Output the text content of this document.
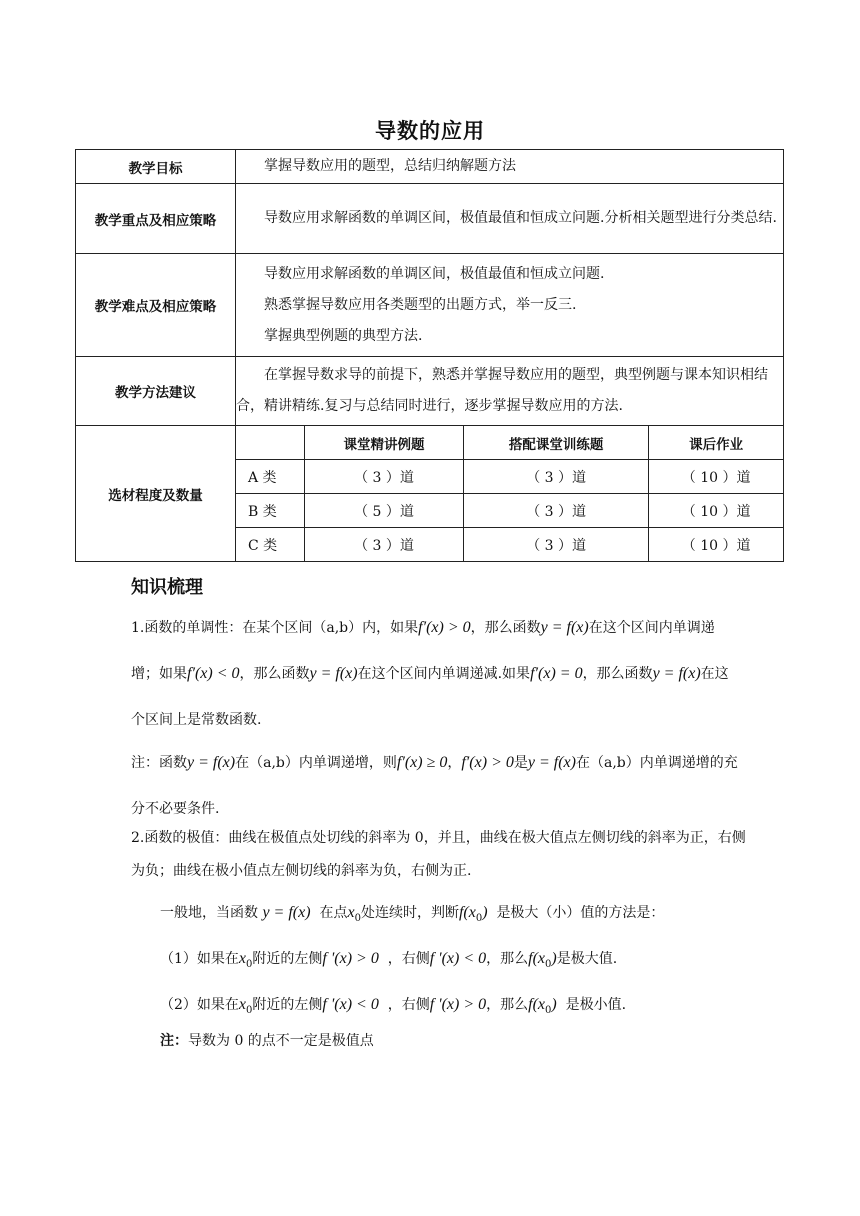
导数的应用
教学目标	掌握导数应用的题型，总结归纳解题方法

教学重点及相应策略	导数应用求解函数的单调区间，极值最值和恒成立问题.分析相关题型进行分类总结.

教学难点及相应策略	
导数应用求解函数的单调区间，极值最值和恒成立问题.
熟悉掌握导数应用各类题型的出题方式，举一反三.
掌握典型例题的典型方法.

教学方法建议	
在掌握导数求导的前提下，熟悉并掌握导数应用的题型，典型例题与课本知识相结合，精讲精练.复习与总结同时进行，逐步掌握导数应用的方法.

选材程度及数量	
	课堂精讲例题	搭配课堂训练题	课后作业
A 类	（ 3 ）道	（ 3 ）道	（ 10 ）道
B 类	（ 5 ）道	（ 3 ）道	（ 10 ）道
C 类	（ 3 ）道	（ 3 ）道	（ 10 ）道
知识梳理
1.函数的单调性：在某个区间（a,b）内，如果f′(x) > 0，那么函数y = f(x)在这个区间内单调递增；如果f′(x) < 0，那么函数y = f(x)在这个区间内单调递减.如果f′(x) = 0，那么函数y = f(x)在这个区间上是常数函数.
注：函数y = f(x)在（a,b）内单调递增，则f′(x) ≥ 0，f′(x) > 0是y = f(x)在（a,b）内单调递增的充分不必要条件.
2.函数的极值：曲线在极值点处切线的斜率为 0，并且，曲线在极大值点左侧切线的斜率为正，右侧为负；曲线在极小值点左侧切线的斜率为负，右侧为正.
一般地，当函数 y = f(x) 在点$x_0$处连续时，判断$f(x_0)$ 是极大（小）值的方法是：
（1）如果在$x_0$附近的左侧f '(x) > 0 ，右侧f '(x) < 0，那么$f(x_0)$是极大值.
（2）如果在$x_0$附近的左侧f '(x) < 0 ，右侧f '(x) > 0，那么$f(x_0)$ 是极小值.
注：导数为 0 的点不一定是极值点
